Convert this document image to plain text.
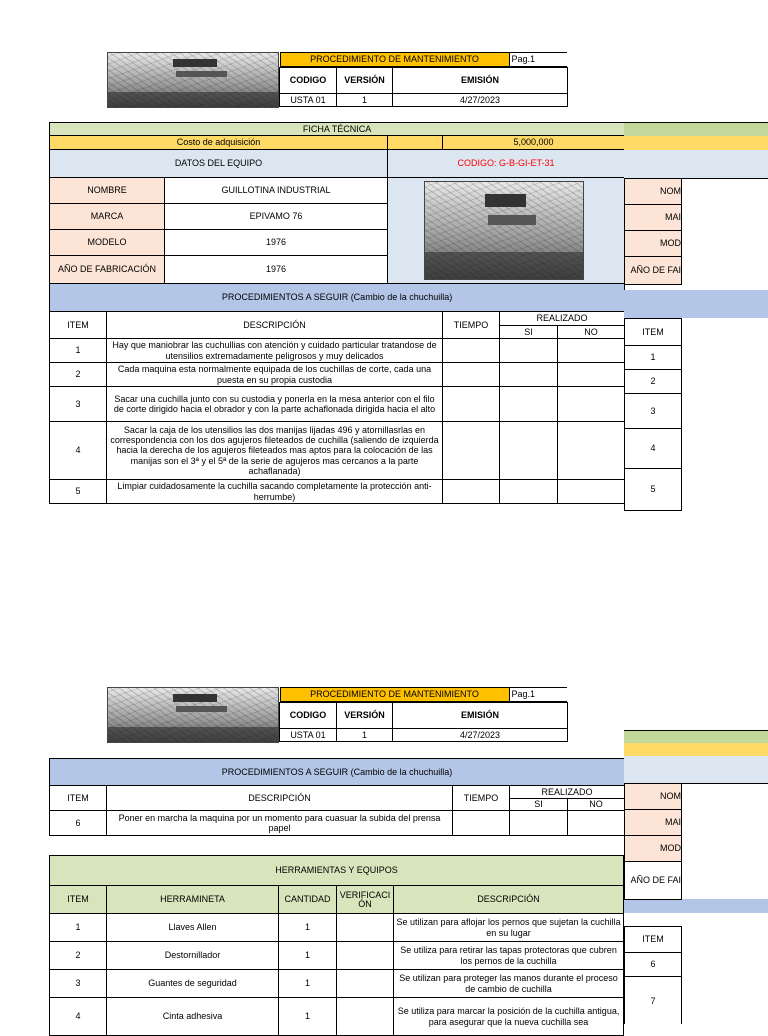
PROCEDIMIENTO DE MANTENIMIENTO	Pag.1

CODIGO	VERSIÓN	EMISIÓN
USTA 01	1	4/27/2023
FICHA TÉCNICA						
Costo de adquisición				5,000,000		
DATOS DEL EQUIPO			CODIGO: G-B-GI-ET-31			
NOMBRE		GUILLOTINA INDUSTRIAL				
MARCA		EPIVAMO 76				
MODELO		1976				
AÑO DE FABRICACIÓN		1976				
PROCEDIMIENTOS A SEGUIR (Cambio de la chuchuilla)						
ITEM	DESCRIPCIÓN			TIEMPO	REALIZADO	
					SI	NO
1	Hay que maniobrar las cuchullias con atención y cuidado particular tratandose de utensilios extremadamente peligrosos y muy delicados					
2	Cada maquina esta normalmente equipada de los cuchillas de corte, cada una puesta en su propia custodia					
3	Sacar una cuchilla junto con su custodia y ponerla en la mesa anterior con el filo de corte dirigido hacia el obrador y con la parte achaflonada dirigida hacia el alto					
4	Sacar la caja de los utensilios las dos manijas lijadas 496 y atornillasrlas en correspondencia con los dos agujeros fileteados de cuchilla (saliendo de izquierda hacia la derecha de los agujeros fileteados mas aptos para la colocación de las manijas son el 3ª y el 5ª de la serie de agujeros mas cercanos a la parte achaflanada)					
5	Limpiar cuidadosamente la cuchilla sacando completamente la protección anti-herrumbe)					
NOM
MAI
MOD
AÑO DE FAI
ITEM
1
2
3
4
5
PROCEDIMIENTO DE MANTENIMIENTO	Pag.1

CODIGO	VERSIÓN	EMISIÓN
USTA 01	1	4/27/2023
PROCEDIMIENTOS A SEGUIR (Cambio de la chuchuilla)				
ITEM	DESCRIPCIÓN	TIEMPO	REALIZADO	
			SI	NO
6	Poner en marcha la maquina por un momento para cuasuar la subida del prensa papel			
HERRAMIENTAS Y EQUIPOS				
ITEM	HERRAMINETA	CANTIDAD	VERIFICACIÓN	DESCRIPCIÓN
1	Llaves Allen	1		Se utilizan para aflojar los pernos que sujetan la cuchilla en su lugar
2	Destornillador	1		Se utiliza para retirar las tapas protectoras que cubren los pernos de la cuchilla
3	Guantes de seguridad	1		Se utilizan para proteger las manos durante el proceso de cambio de cuchilla
4	Cinta adhesiva	1		Se utiliza para marcar la posición de la cuchilla antigua, para asegurar que la nueva cuchilla sea
NOM
MAI
MOD
AÑO DE FAI
ITEM
6
7
